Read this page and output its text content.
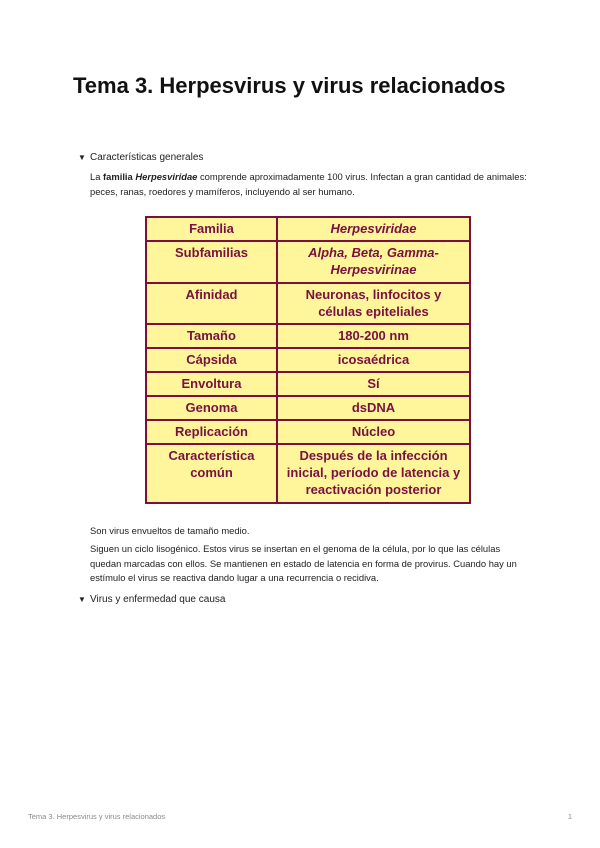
Tema 3. Herpesvirus y virus relacionados
▼ Características generales

La familia Herpesviridae comprende aproximadamente 100 virus. Infectan a gran cantidad de animales: peces, ranas, roedores y mamíferos, incluyendo al ser humano.

Familia	Herpesviridae
Subfamilias	Alpha, Beta, Gamma-Herpesvirinae
Afinidad	Neuronas, linfocitos y células epiteliales
Tamaño	180-200 nm
Cápsida	icosaédrica
Envoltura	Sí
Genoma	dsDNA
Replicación	Núcleo
Característica común	Después de la infección inicial, período de latencia y reactivación posterior

Son virus envueltos de tamaño medio.

Siguen un ciclo lisogénico. Estos virus se insertan en el genoma de la célula, por lo que las células quedan marcadas con ellos. Se mantienen en estado de latencia en forma de provirus. Cuando hay un estímulo el virus se reactiva dando lugar a una recurrencia o recidiva.

▼ Virus y enfermedad que causa
Tema 3. Herpesvirus y virus relacionados	1
